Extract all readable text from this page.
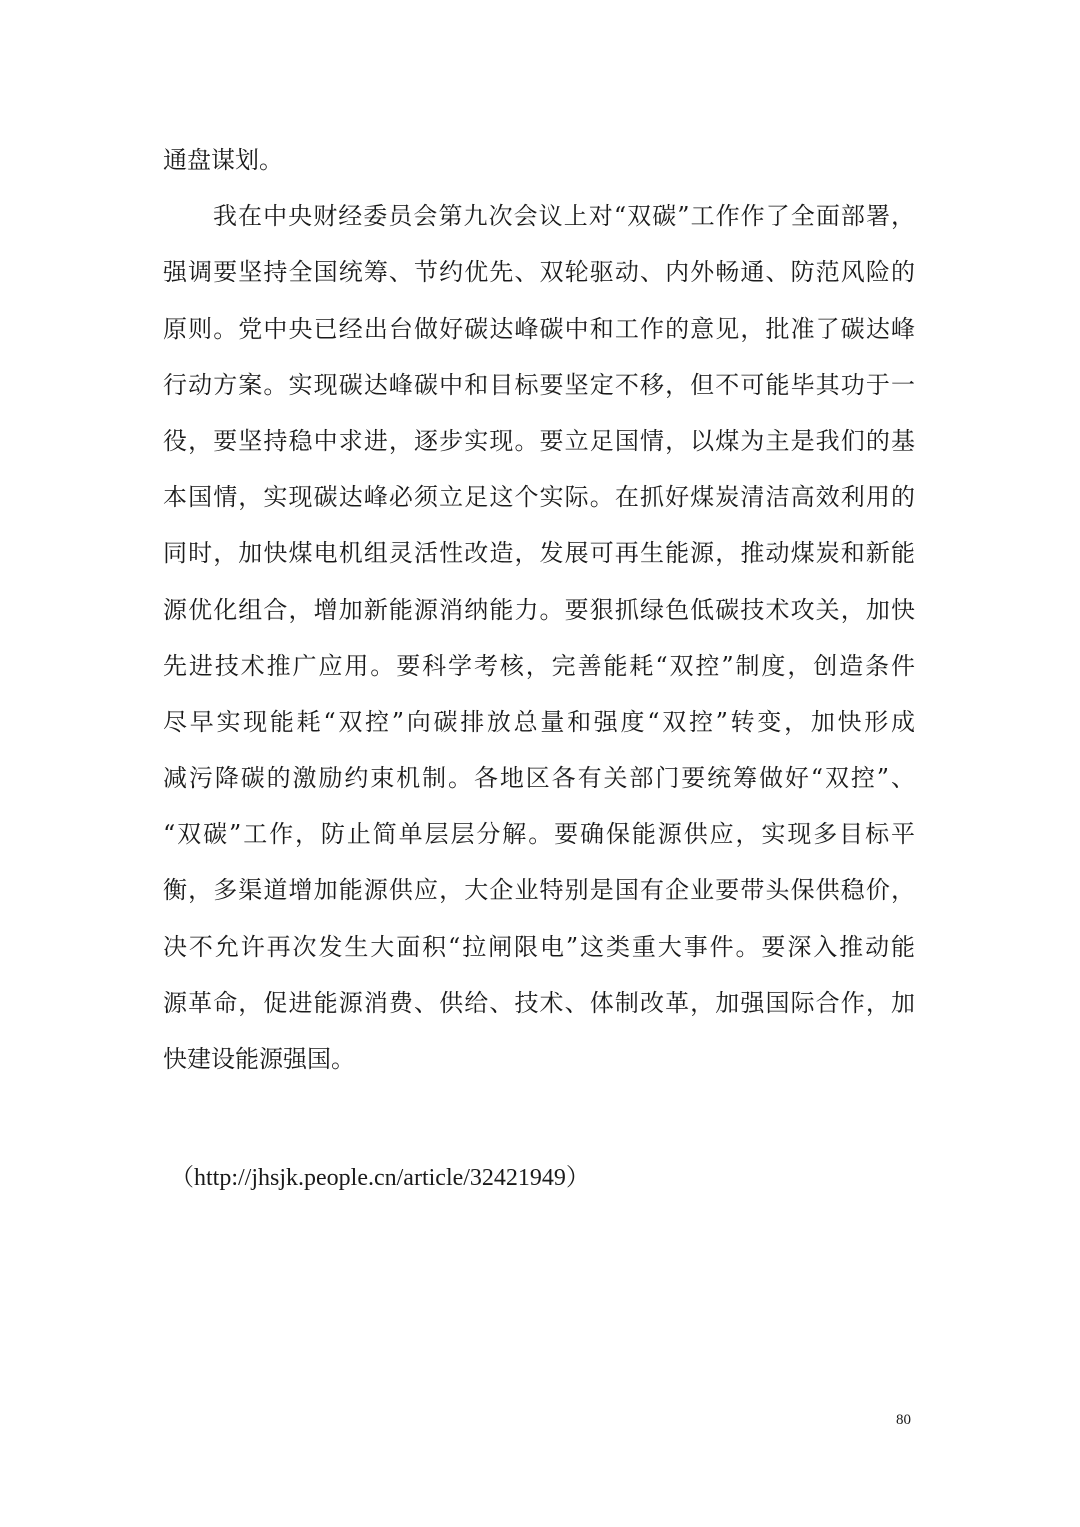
通盘谋划。
我在中央财经委员会第九次会议上对“双碳”工作作了全面部署，
强调要坚持全国统筹、节约优先、双轮驱动、内外畅通、防范风险的
原则。党中央已经出台做好碳达峰碳中和工作的意见，批准了碳达峰
行动方案。实现碳达峰碳中和目标要坚定不移，但不可能毕其功于一
役，要坚持稳中求进，逐步实现。要立足国情，以煤为主是我们的基
本国情，实现碳达峰必须立足这个实际。在抓好煤炭清洁高效利用的
同时，加快煤电机组灵活性改造，发展可再生能源，推动煤炭和新能
源优化组合，增加新能源消纳能力。要狠抓绿色低碳技术攻关，加快
先进技术推广应用。要科学考核，完善能耗“双控”制度，创造条件
尽早实现能耗“双控”向碳排放总量和强度“双控”转变，加快形成
减污降碳的激励约束机制。各地区各有关部门要统筹做好“双控”、
“双碳”工作，防止简单层层分解。要确保能源供应，实现多目标平
衡，多渠道增加能源供应，大企业特别是国有企业要带头保供稳价，
决不允许再次发生大面积“拉闸限电”这类重大事件。要深入推动能
源革命，促进能源消费、供给、技术、体制改革，加强国际合作，加
快建设能源强国。
（http://jhsjk.people.cn/article/32421949）
80
